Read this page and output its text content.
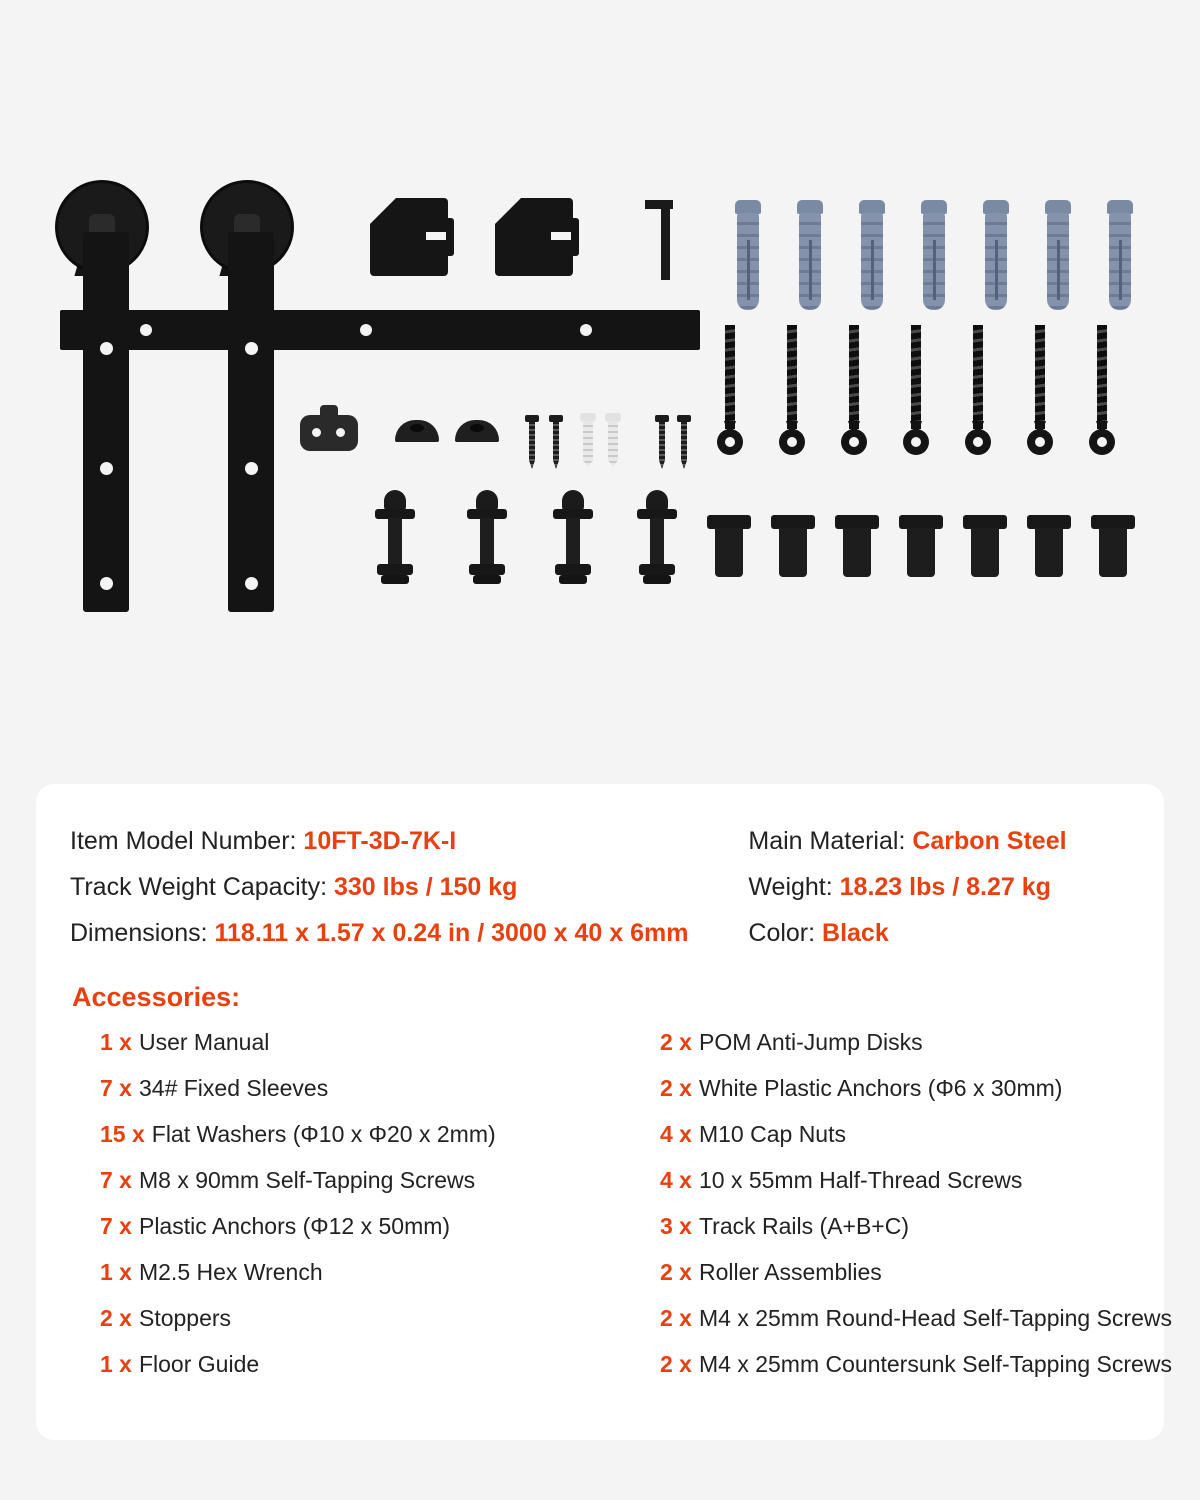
Item Model Number: 10FT-3D-7K-I
Track Weight Capacity: 330 lbs / 150 kg
Dimensions: 118.11 x 1.57 x 0.24 in / 3000 x 40 x 6mm
Main Material: Carbon Steel
Weight: 18.23 lbs / 8.27 kg
Color: Black
Accessories:
1 x User Manual
7 x 34# Fixed Sleeves
15 x Flat Washers (Φ10 x Φ20 x 2mm)
7 x M8 x 90mm Self-Tapping Screws
7 x Plastic Anchors (Φ12 x 50mm)
1 x M2.5 Hex Wrench
2 x Stoppers
1 x Floor Guide
2 x POM Anti-Jump Disks
2 x White Plastic Anchors (Φ6 x 30mm)
4 x M10 Cap Nuts
4 x 10 x 55mm Half-Thread Screws
3 x Track Rails (A+B+C)
2 x Roller Assemblies
2 x M4 x 25mm Round-Head Self-Tapping Screws
2 x M4 x 25mm Countersunk Self-Tapping Screws
